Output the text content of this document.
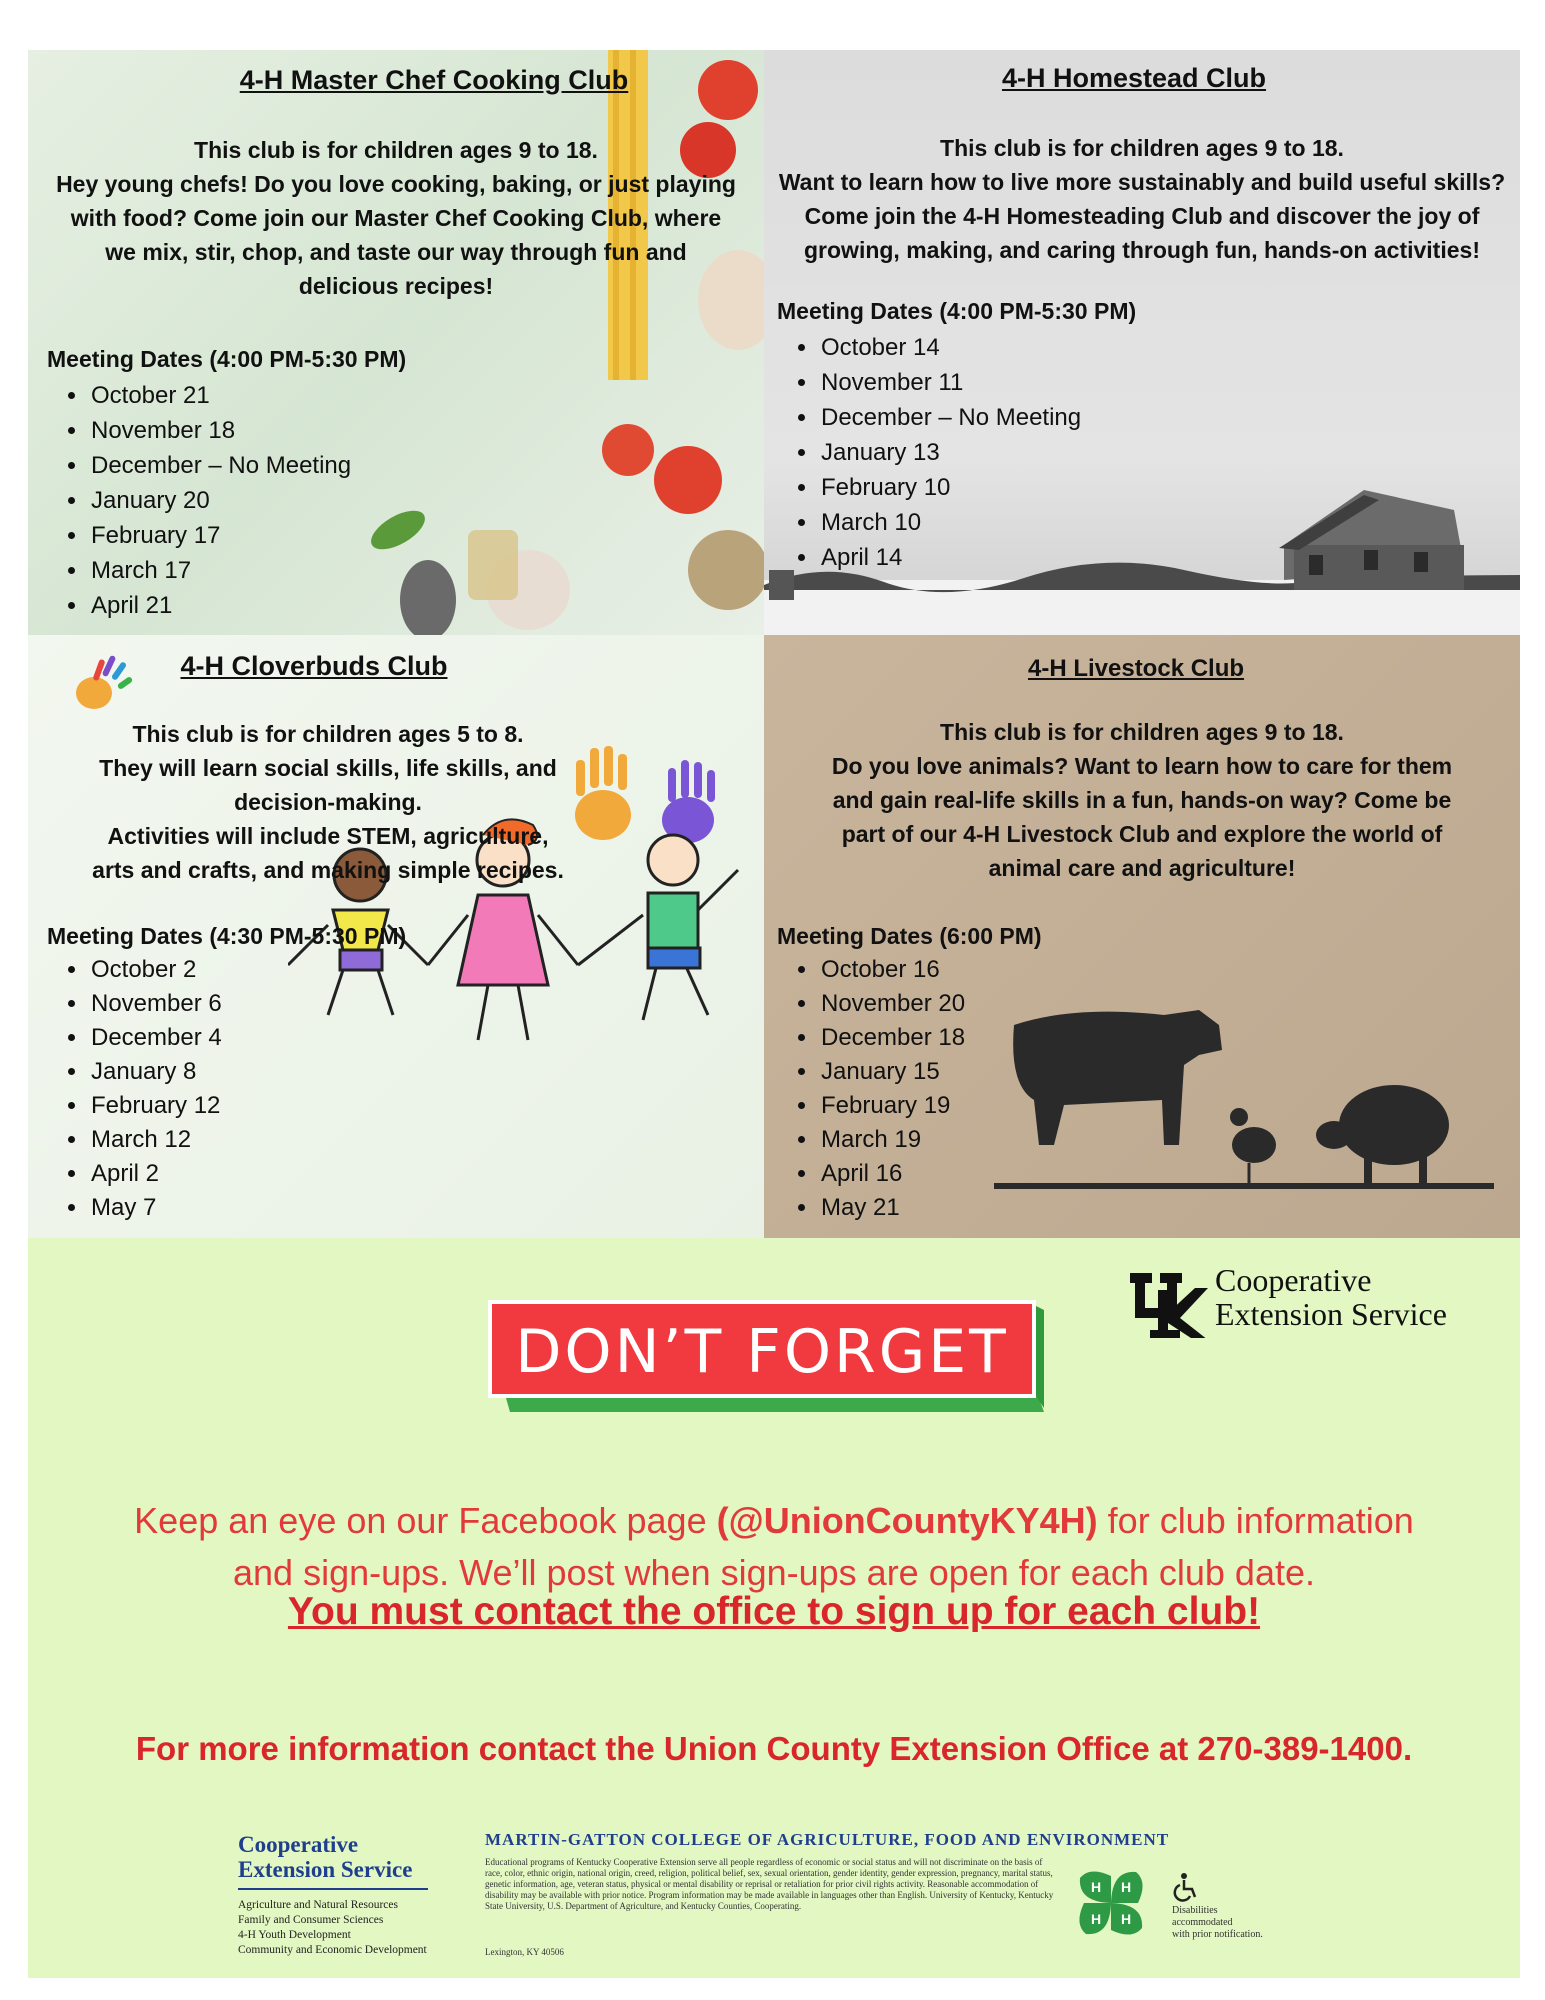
4-H Master Chef Cooking Club
This club is for children ages 9 to 18.
Hey young chefs! Do you love cooking, baking, or just playing
with food? Come join our Master Chef Cooking Club, where
we mix, stir, chop, and taste our way through fun and
delicious recipes!
Meeting Dates (4:00 PM-5:30 PM)
• October 21
• November 18
• December – No Meeting
• January 20
• February 17
• March 17
• April 21
4-H Homestead Club
This club is for children ages 9 to 18.
Want to learn how to live more sustainably and build useful skills?
Come join the 4-H Homesteading Club and discover the joy of
growing, making, and caring through fun, hands-on activities!
Meeting Dates (4:00 PM-5:30 PM)
• October 14
• November 11
• December – No Meeting
• January 13
• February 10
• March 10
• April 14
4-H Cloverbuds Club
This club is for children ages 5 to 8.
They will learn social skills, life skills, and
decision-making.
Activities will include STEM, agriculture,
arts and crafts, and making simple recipes.
Meeting Dates (4:30 PM-5:30 PM)
• October 2
• November 6
• December 4
• January 8
• February 12
• March 12
• April 2
• May 7
4-H Livestock Club
This club is for children ages 9 to 18.
Do you love animals? Want to learn how to care for them
and gain real-life skills in a fun, hands-on way? Come be
part of our 4-H Livestock Club and explore the world of
animal care and agriculture!
Meeting Dates (6:00 PM)
• October 16
• November 20
• December 18
• January 15
• February 19
• March 19
• April 16
• May 21
Cooperative
Extension Service
DON’T FORGET
Keep an eye on our Facebook page (@UnionCountyKY4H) for club information
and sign-ups. We’ll post when sign-ups are open for each club date.
You must contact the office to sign up for each club!
For more information contact the Union County Extension Office at 270-389-1400.
Cooperative
Extension Service
Agriculture and Natural Resources
Family and Consumer Sciences
4-H Youth Development
Community and Economic Development
MARTIN-GATTON COLLEGE OF AGRICULTURE, FOOD AND ENVIRONMENT
Educational programs of Kentucky Cooperative Extension serve all people regardless of economic or social status and will not discriminate on the basis of race, color, ethnic origin, national origin, creed, religion, political belief, sex, sexual orientation, gender identity, gender expression, pregnancy, marital status, genetic information, age, veteran status, physical or mental disability or reprisal or retaliation for prior civil rights activity. Reasonable accommodation of disability may be available with prior notice. Program information may be made available in languages other than English. University of Kentucky, Kentucky State University, U.S. Department of Agriculture, and Kentucky Counties, Cooperating.
Lexington, KY 40506
H H
H
H
Disabilities
accommodated
with prior notification.
